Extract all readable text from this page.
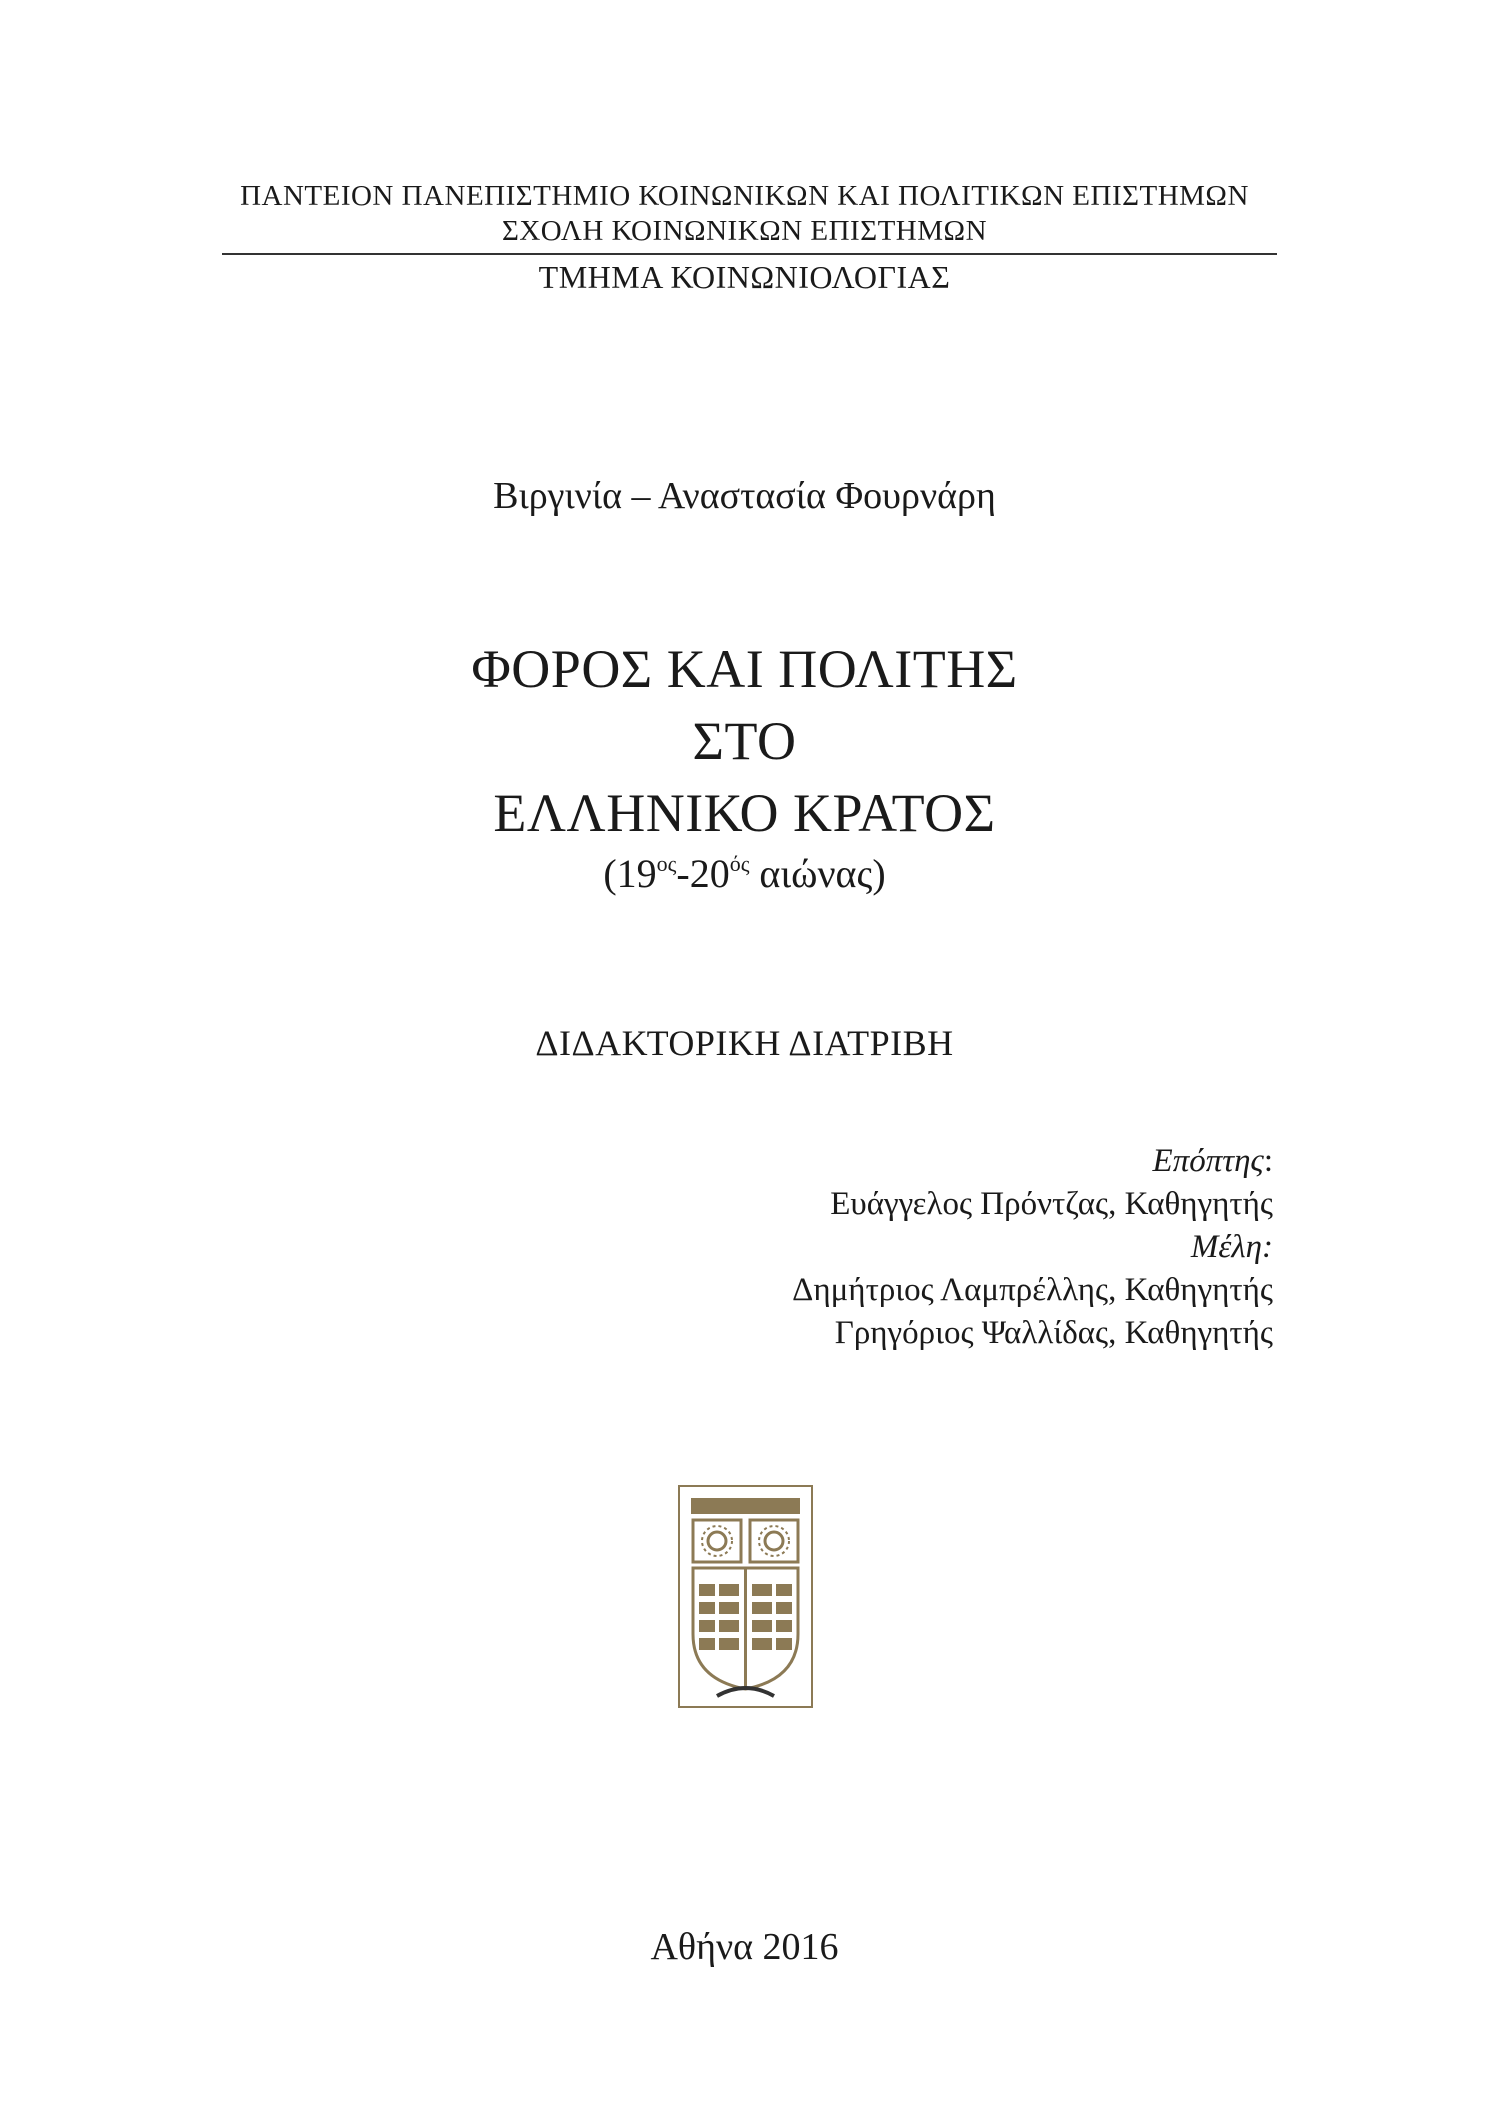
ΠΑΝΤΕΙΟΝ ΠΑΝΕΠΙΣΤΗΜΙΟ ΚΟΙΝΩΝΙΚΩΝ ΚΑΙ ΠΟΛΙΤΙΚΩΝ ΕΠΙΣΤΗΜΩΝ
ΣΧΟΛΗ ΚΟΙΝΩΝΙΚΩΝ ΕΠΙΣΤΗΜΩΝ
ΤΜΗΜΑ ΚΟΙΝΩΝΙΟΛΟΓΙΑΣ
Βιργινία – Αναστασία Φουρνάρη
ΦΟΡΟΣ ΚΑΙ ΠΟΛΙΤΗΣ
ΣΤΟ
ΕΛΛΗΝΙΚΟ ΚΡΑΤΟΣ
($19^{o\varsigma}-20^{ό\varsigma}$ αιώνας)
ΔΙΔΑΚΤΟΡΙΚΗ ΔΙΑΤΡΙΒΗ
Επόπτης:
Ευάγγελος Πρόντζας, Καθηγητής
Μέλη:
Δημήτριος Λαμπρέλλης, Καθηγητής
Γρηγόριος Ψαλλίδας, Καθηγητής
Αθήνα 2016
